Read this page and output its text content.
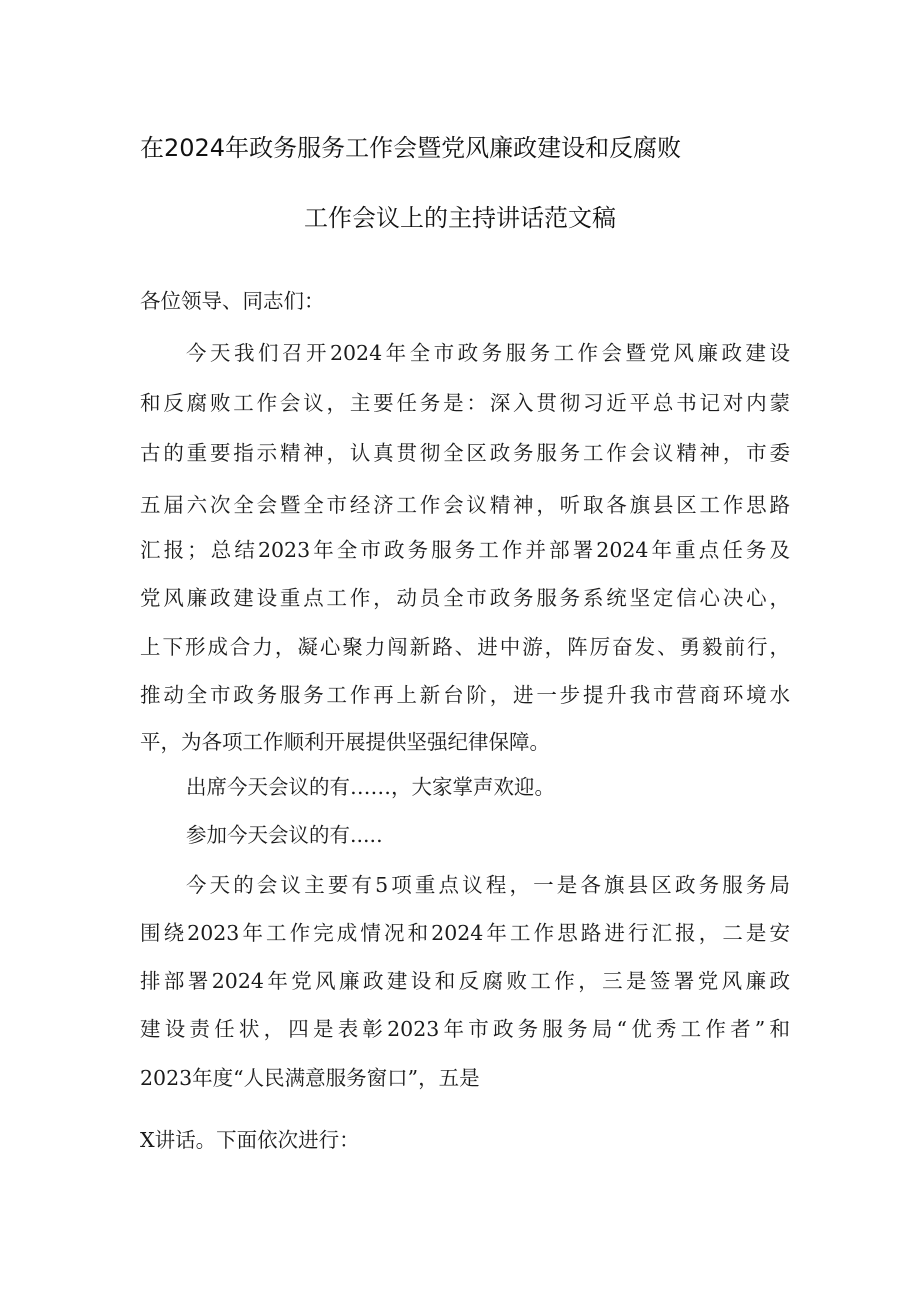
在2024年政务服务工作会暨党风廉政建设和反腐败
工作会议上的主持讲话范文稿
各位领导、同志们：
今天我们召开2024年全市政务服务工作会暨党风廉政建设
和反腐败工作会议，主要任务是：深入贯彻习近平总书记对内蒙
古的重要指示精神，认真贯彻全区政务服务工作会议精神，市委
五届六次全会暨全市经济工作会议精神，听取各旗县区工作思路
汇报；总结2023年全市政务服务工作并部署2024年重点任务及
党风廉政建设重点工作，动员全市政务服务系统坚定信心决心，
上下形成合力，凝心聚力闯新路、进中游，阵厉奋发、勇毅前行，
推动全市政务服务工作再上新台阶，进一步提升我市营商环境水
平，为各项工作顺利开展提供坚强纪律保障。
出席今天会议的有……，大家掌声欢迎。
参加今天会议的有.....
今天的会议主要有5项重点议程，一是各旗县区政务服务局
围绕2023年工作完成情况和2024年工作思路进行汇报，二是安
排部署2024年党风廉政建设和反腐败工作，三是签署党风廉政
建设责任状，四是表彰2023年市政务服务局“优秀工作者”和
2023年度“人民满意服务窗口”，五是
X讲话。下面依次进行：
